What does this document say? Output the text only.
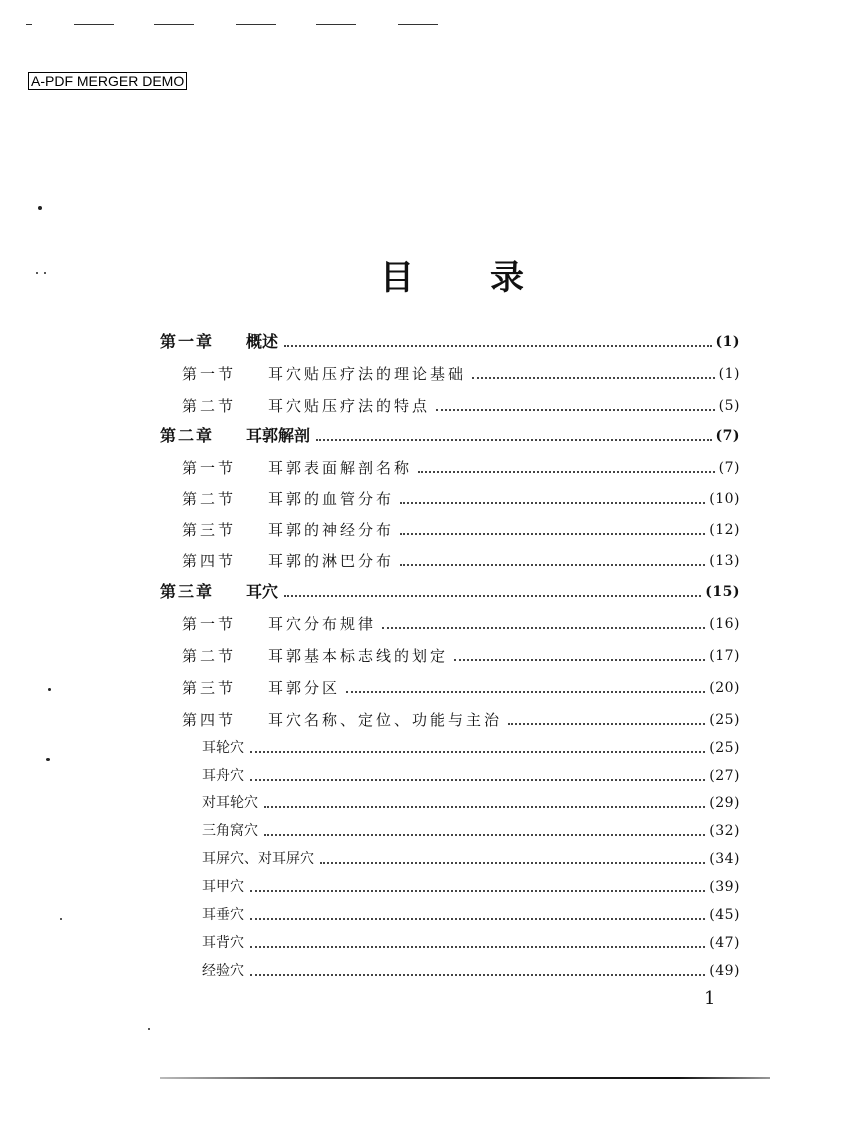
A-PDF MERGER DEMO
目 录
第一章	概述	(1)
第一节	耳穴贴压疗法的理论基础	(1)
第二节	耳穴贴压疗法的特点	(5)
第二章	耳郭解剖	(7)
第一节	耳郭表面解剖名称	(7)
第二节	耳郭的血管分布	(10)
第三节	耳郭的神经分布	(12)
第四节	耳郭的淋巴分布	(13)
第三章	耳穴	(15)
第一节	耳穴分布规律	(16)
第二节	耳郭基本标志线的划定	(17)
第三节	耳郭分区	(20)
第四节	耳穴名称、定位、功能与主治	(25)
耳轮穴	(25)
耳舟穴	(27)
对耳轮穴	(29)
三角窝穴	(32)
耳屏穴、对耳屏穴	(34)
耳甲穴	(39)
耳垂穴	(45)
耳背穴	(47)
经验穴	(49)
1
